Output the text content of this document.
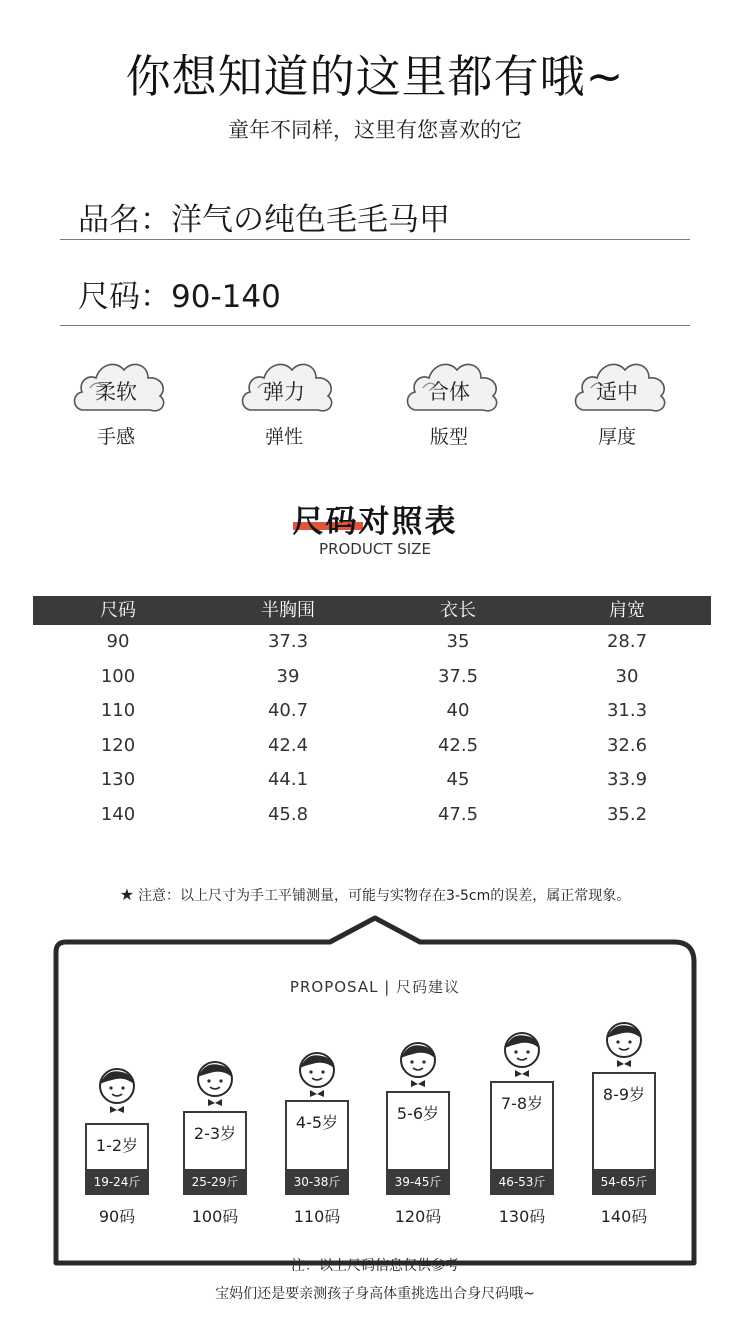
你想知道的这里都有哦~
童年不同样，这里有您喜欢的它
品名：洋气の纯色毛毛马甲
尺码：90-140
柔软
手感
弹力
弹性
合体
版型
适中
厚度
尺码对照表
PRODUCT SIZE
尺码	半胸围	衣长	肩宽
90	37.3	35	28.7
100	39	37.5	30
110	40.7	40	31.3
120	42.4	42.5	32.6
130	44.1	45	33.9
140	45.8	47.5	35.2
★ 注意：以上尺寸为手工平铺测量，可能与实物存在3-5cm的误差，属正常现象。
PROPOSAL | 尺码建议
1-2岁
19-24斤
90码
2-3岁
25-29斤
100码
4-5岁
30-38斤
110码
5-6岁
39-45斤
120码
7-8岁
46-53斤
130码
8-9岁
54-65斤
140码
注：以上尺码信息仅供参考
宝妈们还是要亲测孩子身高体重挑选出合身尺码哦~
